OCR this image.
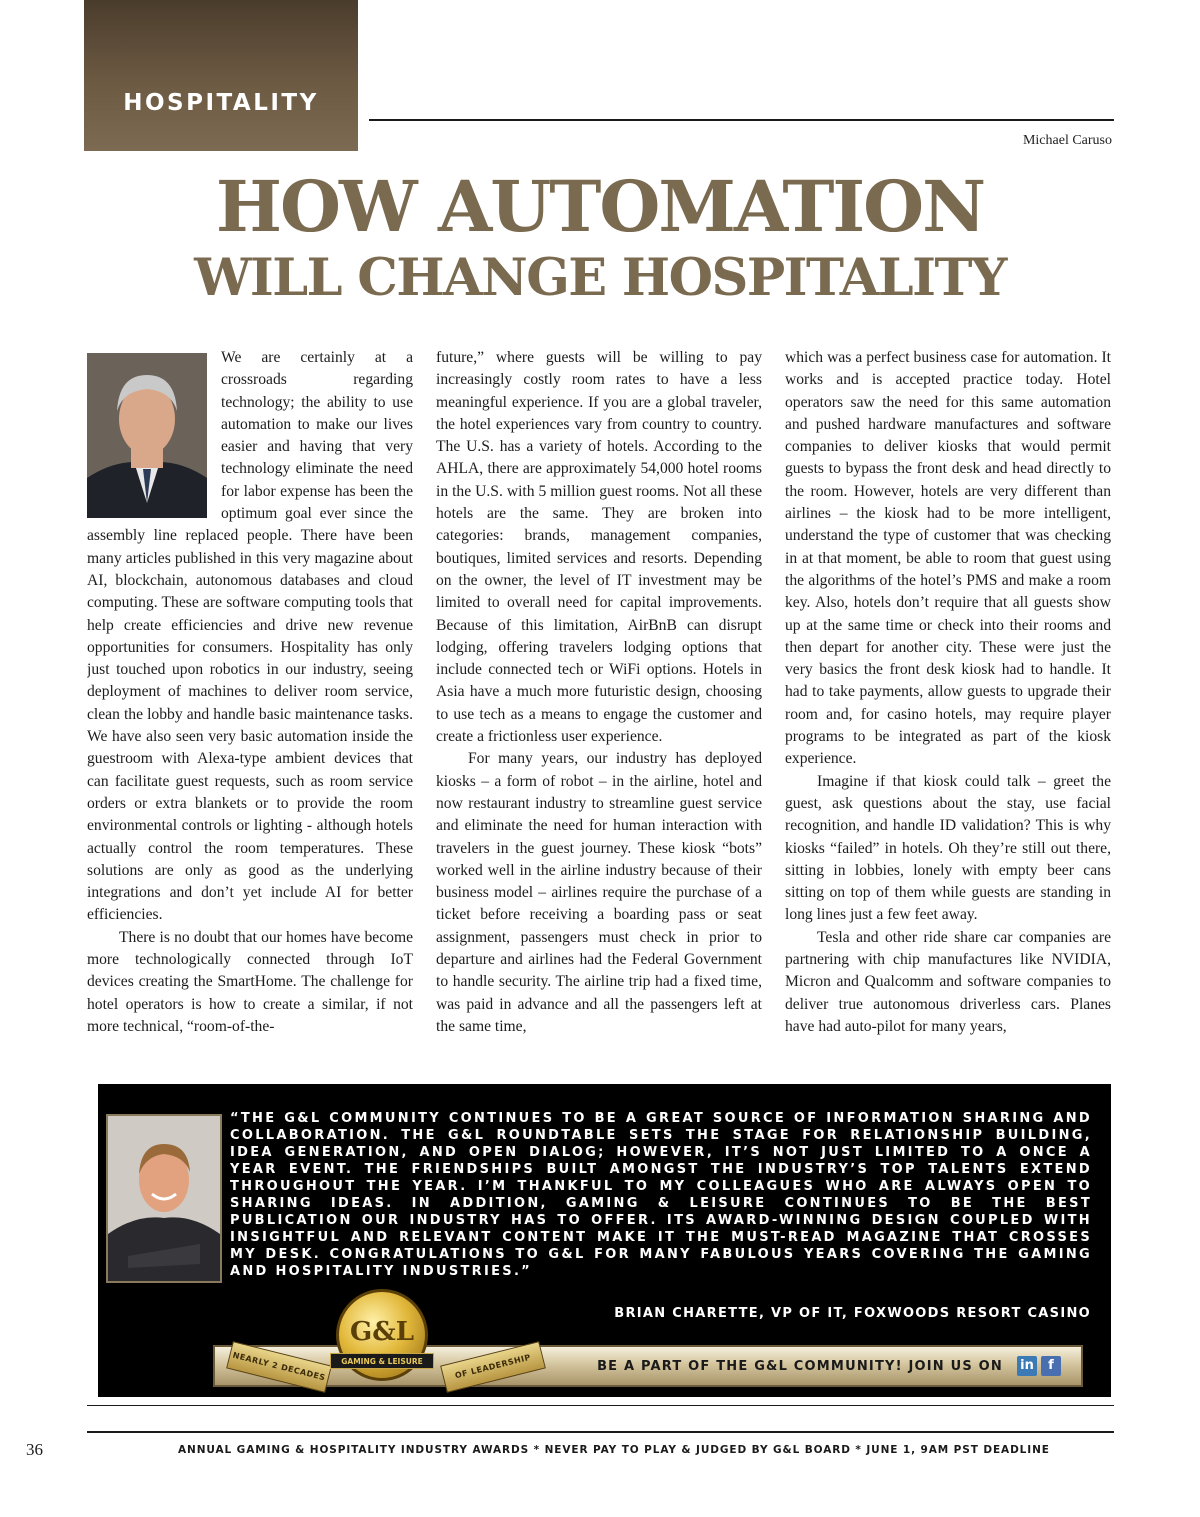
HOSPITALITY
Michael Caruso
HOW AUTOMATION
WILL CHANGE HOSPITALITY

We are certainly at a crossroads regarding technology; the ability to use automation to make our lives easier and having that very technology eliminate the need for labor expense has been the optimum goal ever since the assembly line replaced people. There have been many articles published in this very magazine about AI, blockchain, autonomous databases and cloud computing. These are software computing tools that help create efficiencies and drive new revenue opportunities for consumers. Hospitality has only just touched upon robotics in our industry, seeing deployment of machines to deliver room service, clean the lobby and handle basic maintenance tasks. We have also seen very basic automation inside the guestroom with Alexa-type ambient devices that can facilitate guest requests, such as room service orders or extra blankets or to provide the room environmental controls or lighting - although hotels actually control the room temperatures. These solutions are only as good as the underlying integrations and don’t yet include AI for better efficiencies.

There is no doubt that our homes have become more technologically connected through IoT devices creating the SmartHome. The challenge for hotel operators is how to create a similar, if not more technical, “room-of-the-

future,” where guests will be willing to pay increasingly costly room rates to have a less meaningful experience. If you are a global traveler, the hotel experiences vary from country to country. The U.S. has a variety of hotels. According to the AHLA, there are approximately 54,000 hotel rooms in the U.S. with 5 million guest rooms. Not all these hotels are the same. They are broken into categories: brands, management companies, boutiques, limited services and resorts. Depending on the owner, the level of IT investment may be limited to overall need for capital improvements. Because of this limitation, AirBnB can disrupt lodging, offering travelers lodging options that include connected tech or WiFi options. Hotels in Asia have a much more futuristic design, choosing to use tech as a means to engage the customer and create a frictionless user experience.

For many years, our industry has deployed kiosks – a form of robot – in the airline, hotel and now restaurant industry to streamline guest service and eliminate the need for human interaction with travelers in the guest journey. These kiosk “bots” worked well in the airline industry because of their business model – airlines require the purchase of a ticket before receiving a boarding pass or seat assignment, passengers must check in prior to departure and airlines had the Federal Government to handle security. The airline trip had a fixed time, was paid in advance and all the passengers left at the same time,

which was a perfect business case for automation. It works and is accepted practice today. Hotel operators saw the need for this same automation and pushed hardware manufactures and software companies to deliver kiosks that would permit guests to bypass the front desk and head directly to the room. However, hotels are very different than airlines – the kiosk had to be more intelligent, understand the type of customer that was checking in at that moment, be able to room that guest using the algorithms of the hotel’s PMS and make a room key. Also, hotels don’t require that all guests show up at the same time or check into their rooms and then depart for another city. These were just the very basics the front desk kiosk had to handle. It had to take payments, allow guests to upgrade their room and, for casino hotels, may require player programs to be integrated as part of the kiosk experience.

Imagine if that kiosk could talk – greet the guest, ask questions about the stay, use facial recognition, and handle ID validation? This is why kiosks “failed” in hotels. Oh they’re still out there, sitting in lobbies, lonely with empty beer cans sitting on top of them while guests are standing in long lines just a few feet away.

Tesla and other ride share car companies are partnering with chip manufactures like NVIDIA, Micron and Qualcomm and software companies to deliver true autonomous driverless cars. Planes have had auto-pilot for many years,

“THE G&L COMMUNITY CONTINUES TO BE A GREAT SOURCE OF INFORMATION SHARING AND COLLABORATION. THE G&L ROUNDTABLE SETS THE STAGE FOR RELATIONSHIP BUILDING, IDEA GENERATION, AND OPEN DIALOG; HOWEVER, IT’S NOT JUST LIMITED TO A ONCE A YEAR EVENT. THE FRIENDSHIPS BUILT AMONGST THE INDUSTRY’S TOP TALENTS EXTEND THROUGHOUT THE YEAR. I’M THANKFUL TO MY COLLEAGUES WHO ARE ALWAYS OPEN TO SHARING IDEAS. IN ADDITION, GAMING & LEISURE CONTINUES TO BE THE BEST PUBLICATION OUR INDUSTRY HAS TO OFFER. ITS AWARD-WINNING DESIGN COUPLED WITH INSIGHTFUL AND RELEVANT CONTENT MAKE IT THE MUST-READ MAGAZINE THAT CROSSES MY DESK. CONGRATULATIONS TO G&L FOR MANY FABULOUS YEARS COVERING THE GAMING AND HOSPITALITY INDUSTRIES.”
BRIAN CHARETTE, VP OF IT, FOXWOODS RESORT CASINO
BE A PART OF THE G&L COMMUNITY! JOIN US ON in	f
NEARLY 2 DECADES	OF LEADERSHIP
G&L
GAMING & LEISURE
36	ANNUAL GAMING & HOSPITALITY INDUSTRY AWARDS * NEVER PAY TO PLAY & JUDGED BY G&L BOARD * JUNE 1, 9AM PST DEADLINE
